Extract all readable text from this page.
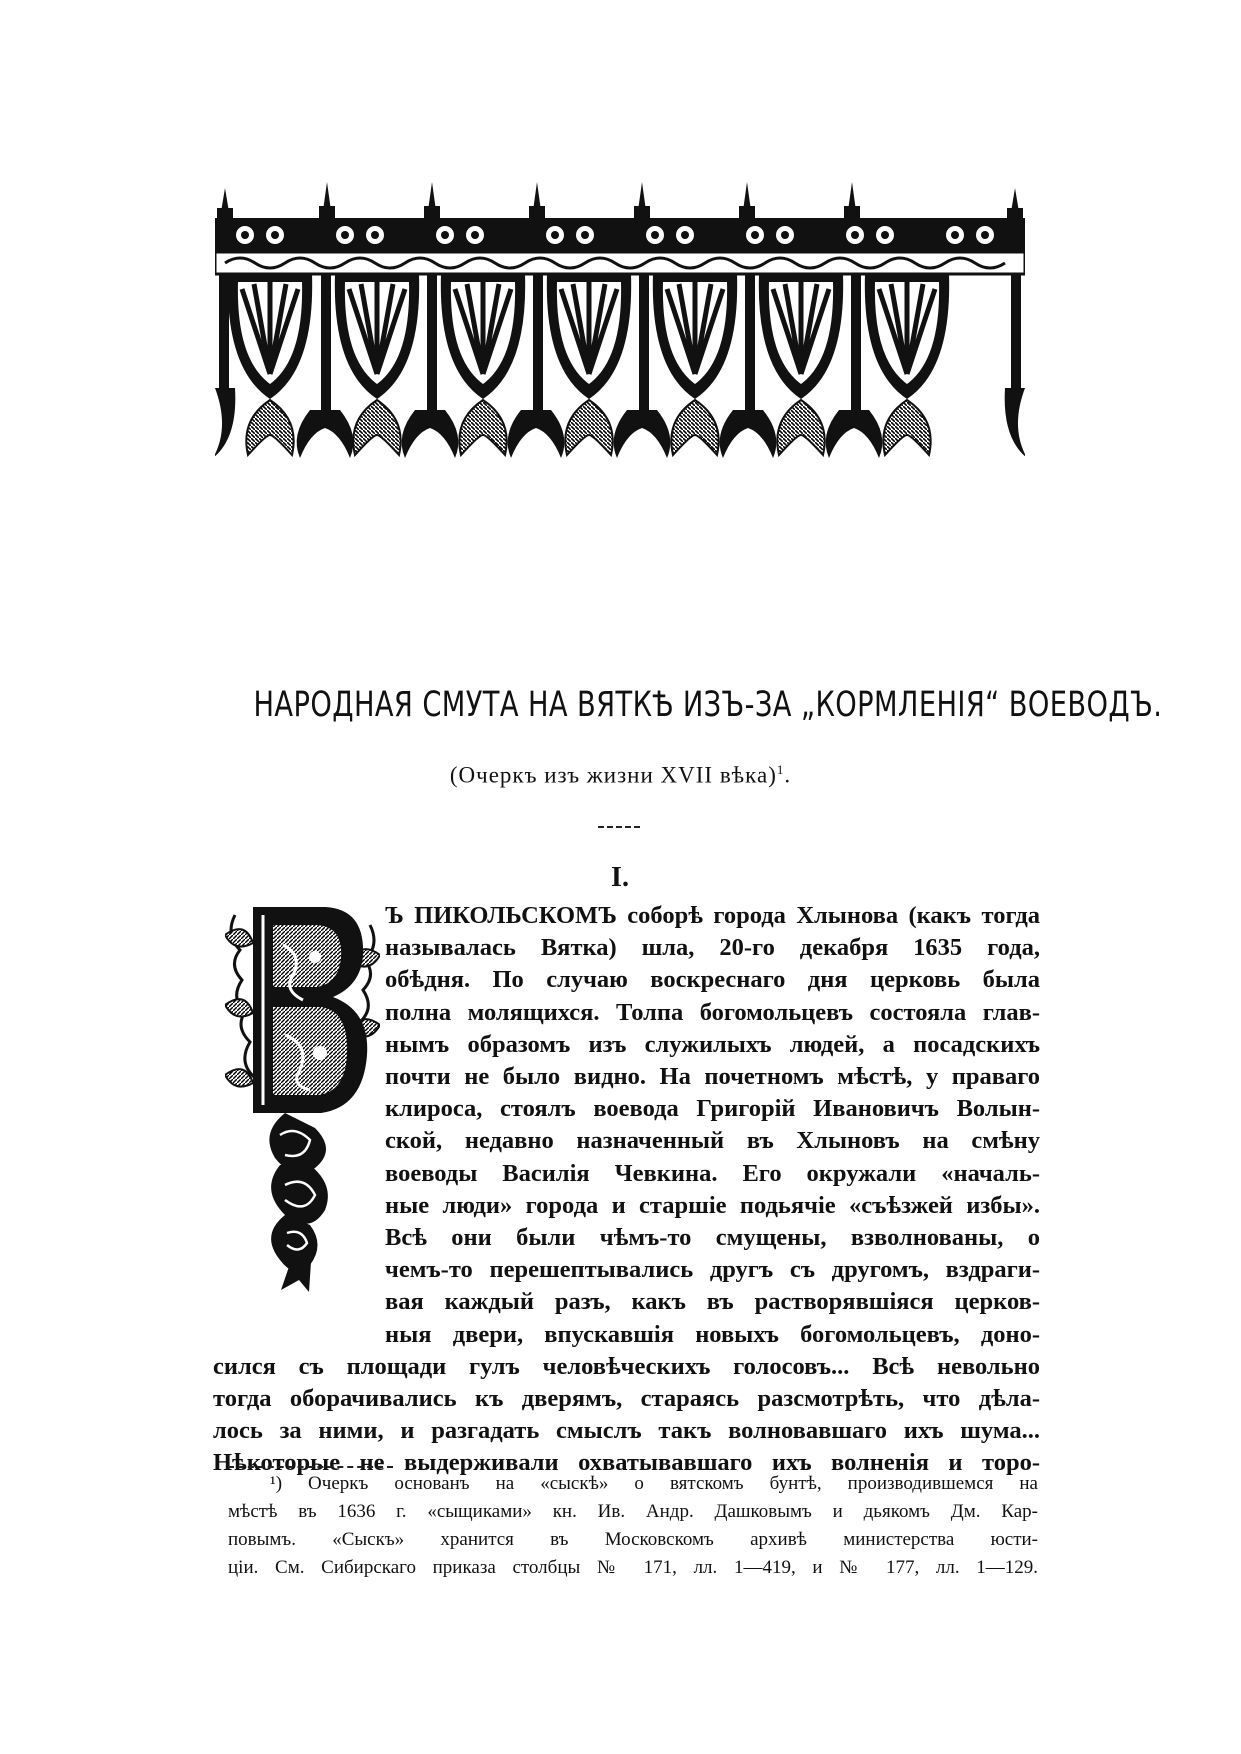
НАРОДНАЯ СМУТА НА ВЯТКѢ ИЗЪ-ЗА „КОРМЛЕНІЯ“ ВОЕВОДЪ.
(Очеркъ изъ жизни XVII вѣка)$^1$.
I.
Ъ ПИКОЛЬСКОМЪ соборѣ города Хлынова (какъ тогда
называлась Вятка) шла, 20-го декабря 1635 года,
обѣдня. По случаю воскреснаго дня церковь была
полна молящихся. Толпа богомольцевъ состояла глав-
нымъ образомъ изъ служилыхъ людей, а посадскихъ
почти не было видно. На почетномъ мѣстѣ, у праваго
клироса, стоялъ воевода Григорій Ивановичъ Волын-
ской, недавно назначенный въ Хлыновъ на смѣну
воеводы Василія Чевкина. Его окружали «началь-
ные люди» города и старшіе подьячіе «съѣзжей избы».
Всѣ они были чѣмъ-то смущены, взволнованы, о
чемъ-то перешептывались другъ съ другомъ, вздраги-
вая каждый разъ, какъ въ растворявшіяся церков-
ныя двери, впускавшія новыхъ богомольцевъ, доно-
сился съ площади гулъ человѣческихъ голосовъ... Всѣ невольно
тогда оборачивались къ дверямъ, стараясь разсмотрѣть, что дѣла-
лось за ними, и разгадать смыслъ такъ волновавшаго ихъ шума...
Нѣкоторые не выдерживали охватывавшаго ихъ волненія и торо-
¹) Очеркъ основанъ на «сыскѣ» о вятскомъ бунтѣ, производившемся на
мѣстѣ въ 1636 г. «сыщиками» кн. Ив. Андр. Дашковымъ и дьякомъ Дм. Кар-
повымъ. «Сыскъ» хранится въ Московскомъ архивѣ министерства юсти-
ціи. См. Сибирскаго приказа столбцы № 171, лл. 1—419, и № 177, лл. 1—129.
